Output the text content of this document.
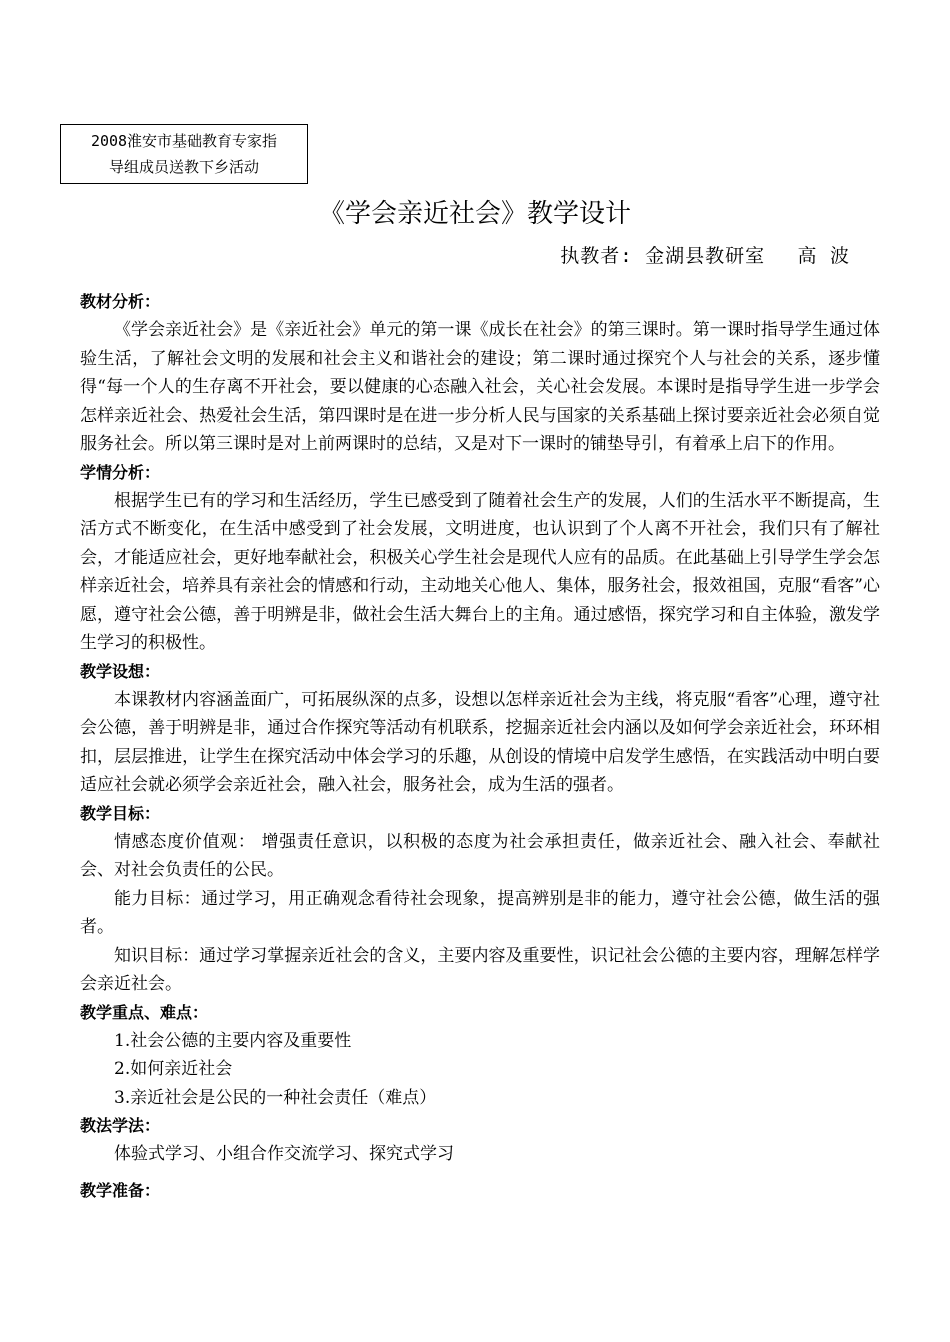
2008淮安市基础教育专家指
导组成员送教下乡活动
《学会亲近社会》教学设计
执教者: 金湖县教研室　 高 波

教材分析：

《学会亲近社会》是《亲近社会》单元的第一课《成长在社会》的第三课时。第一课时指导学生通过体验生活，了解社会文明的发展和社会主义和谐社会的建设；第二课时通过探究个人与社会的关系，逐步懂得“每一个人的生存离不开社会，要以健康的心态融入社会，关心社会发展。本课时是指导学生进一步学会怎样亲近社会、热爱社会生活，第四课时是在进一步分析人民与国家的关系基础上探讨要亲近社会必须自觉服务社会。所以第三课时是对上前两课时的总结，又是对下一课时的铺垫导引，有着承上启下的作用。

学情分析：

根据学生已有的学习和生活经历，学生已感受到了随着社会生产的发展，人们的生活水平不断提高，生活方式不断变化，在生活中感受到了社会发展，文明进度，也认识到了个人离不开社会，我们只有了解社会，才能适应社会，更好地奉献社会，积极关心学生社会是现代人应有的品质。在此基础上引导学生学会怎样亲近社会，培养具有亲社会的情感和行动，主动地关心他人、集体，服务社会，报效祖国，克服“看客”心愿，遵守社会公德，善于明辨是非，做社会生活大舞台上的主角。通过感悟，探究学习和自主体验，激发学生学习的积极性。

教学设想：

本课教材内容涵盖面广，可拓展纵深的点多，设想以怎样亲近社会为主线，将克服“看客”心理，遵守社会公德，善于明辨是非，通过合作探究等活动有机联系，挖掘亲近社会内涵以及如何学会亲近社会，环环相扣，层层推进，让学生在探究活动中体会学习的乐趣，从创设的情境中启发学生感悟，在实践活动中明白要适应社会就必须学会亲近社会，融入社会，服务社会，成为生活的强者。

教学目标：

情感态度价值观： 增强责任意识，以积极的态度为社会承担责任，做亲近社会、融入社会、奉献社会、对社会负责任的公民。

能力目标：通过学习，用正确观念看待社会现象，提高辨别是非的能力，遵守社会公德，做生活的强者。

知识目标：通过学习掌握亲近社会的含义，主要内容及重要性，识记社会公德的主要内容，理解怎样学会亲近社会。

教学重点、难点：

1.社会公德的主要内容及重要性

2.如何亲近社会

3.亲近社会是公民的一种社会责任（难点）

教法学法：

体验式学习、小组合作交流学习、探究式学习

教学准备：
